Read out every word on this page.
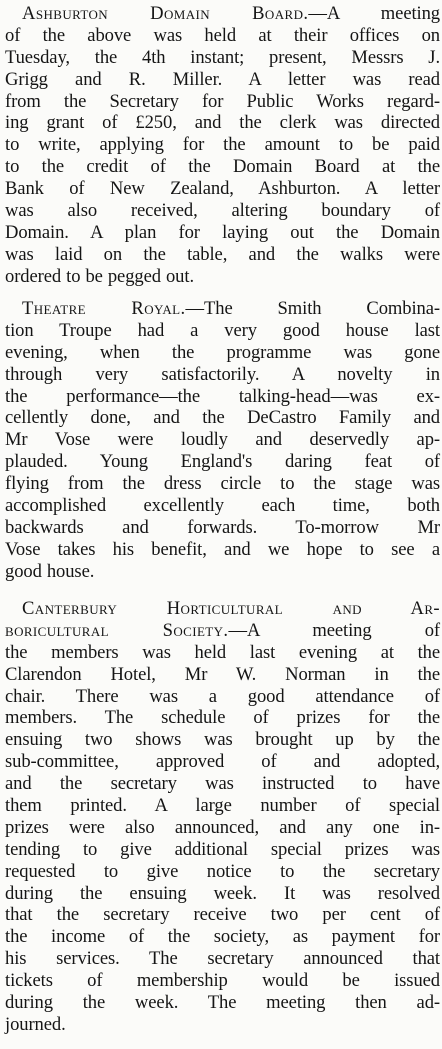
Ashburton Domain Board.—A meeting
of the above was held at their offices on
Tuesday, the 4th instant; present, Messrs J.
Grigg and R. Miller. A letter was read
from the Secretary for Public Works regard-
ing grant of £250, and the clerk was directed
to write, applying for the amount to be paid
to the credit of the Domain Board at the
Bank of New Zealand, Ashburton. A letter
was also received, altering boundary of
Domain. A plan for laying out the Domain
was laid on the table, and the walks were
ordered to be pegged out.
Theatre Royal.—The Smith Combina-
tion Troupe had a very good house last
evening, when the programme was gone
through very satisfactorily. A novelty in
the performance—the talking-head—was ex-
cellently done, and the DeCastro Family and
Mr Vose were loudly and deservedly ap-
plauded. Young England's daring feat of
flying from the dress circle to the stage was
accomplished excellently each time, both
backwards and forwards. To-morrow Mr
Vose takes his benefit, and we hope to see a
good house.
Canterbury Horticultural and Ar-
boricultural Society.—A meeting of
the members was held last evening at the
Clarendon Hotel, Mr W. Norman in the
chair. There was a good attendance of
members. The schedule of prizes for the
ensuing two shows was brought up by the
sub-committee, approved of and adopted,
and the secretary was instructed to have
them printed. A large number of special
prizes were also announced, and any one in-
tending to give additional special prizes was
requested to give notice to the secretary
during the ensuing week. It was resolved
that the secretary receive two per cent of
the income of the society, as payment for
his services. The secretary announced that
tickets of membership would be issued
during the week. The meeting then ad-
journed.
